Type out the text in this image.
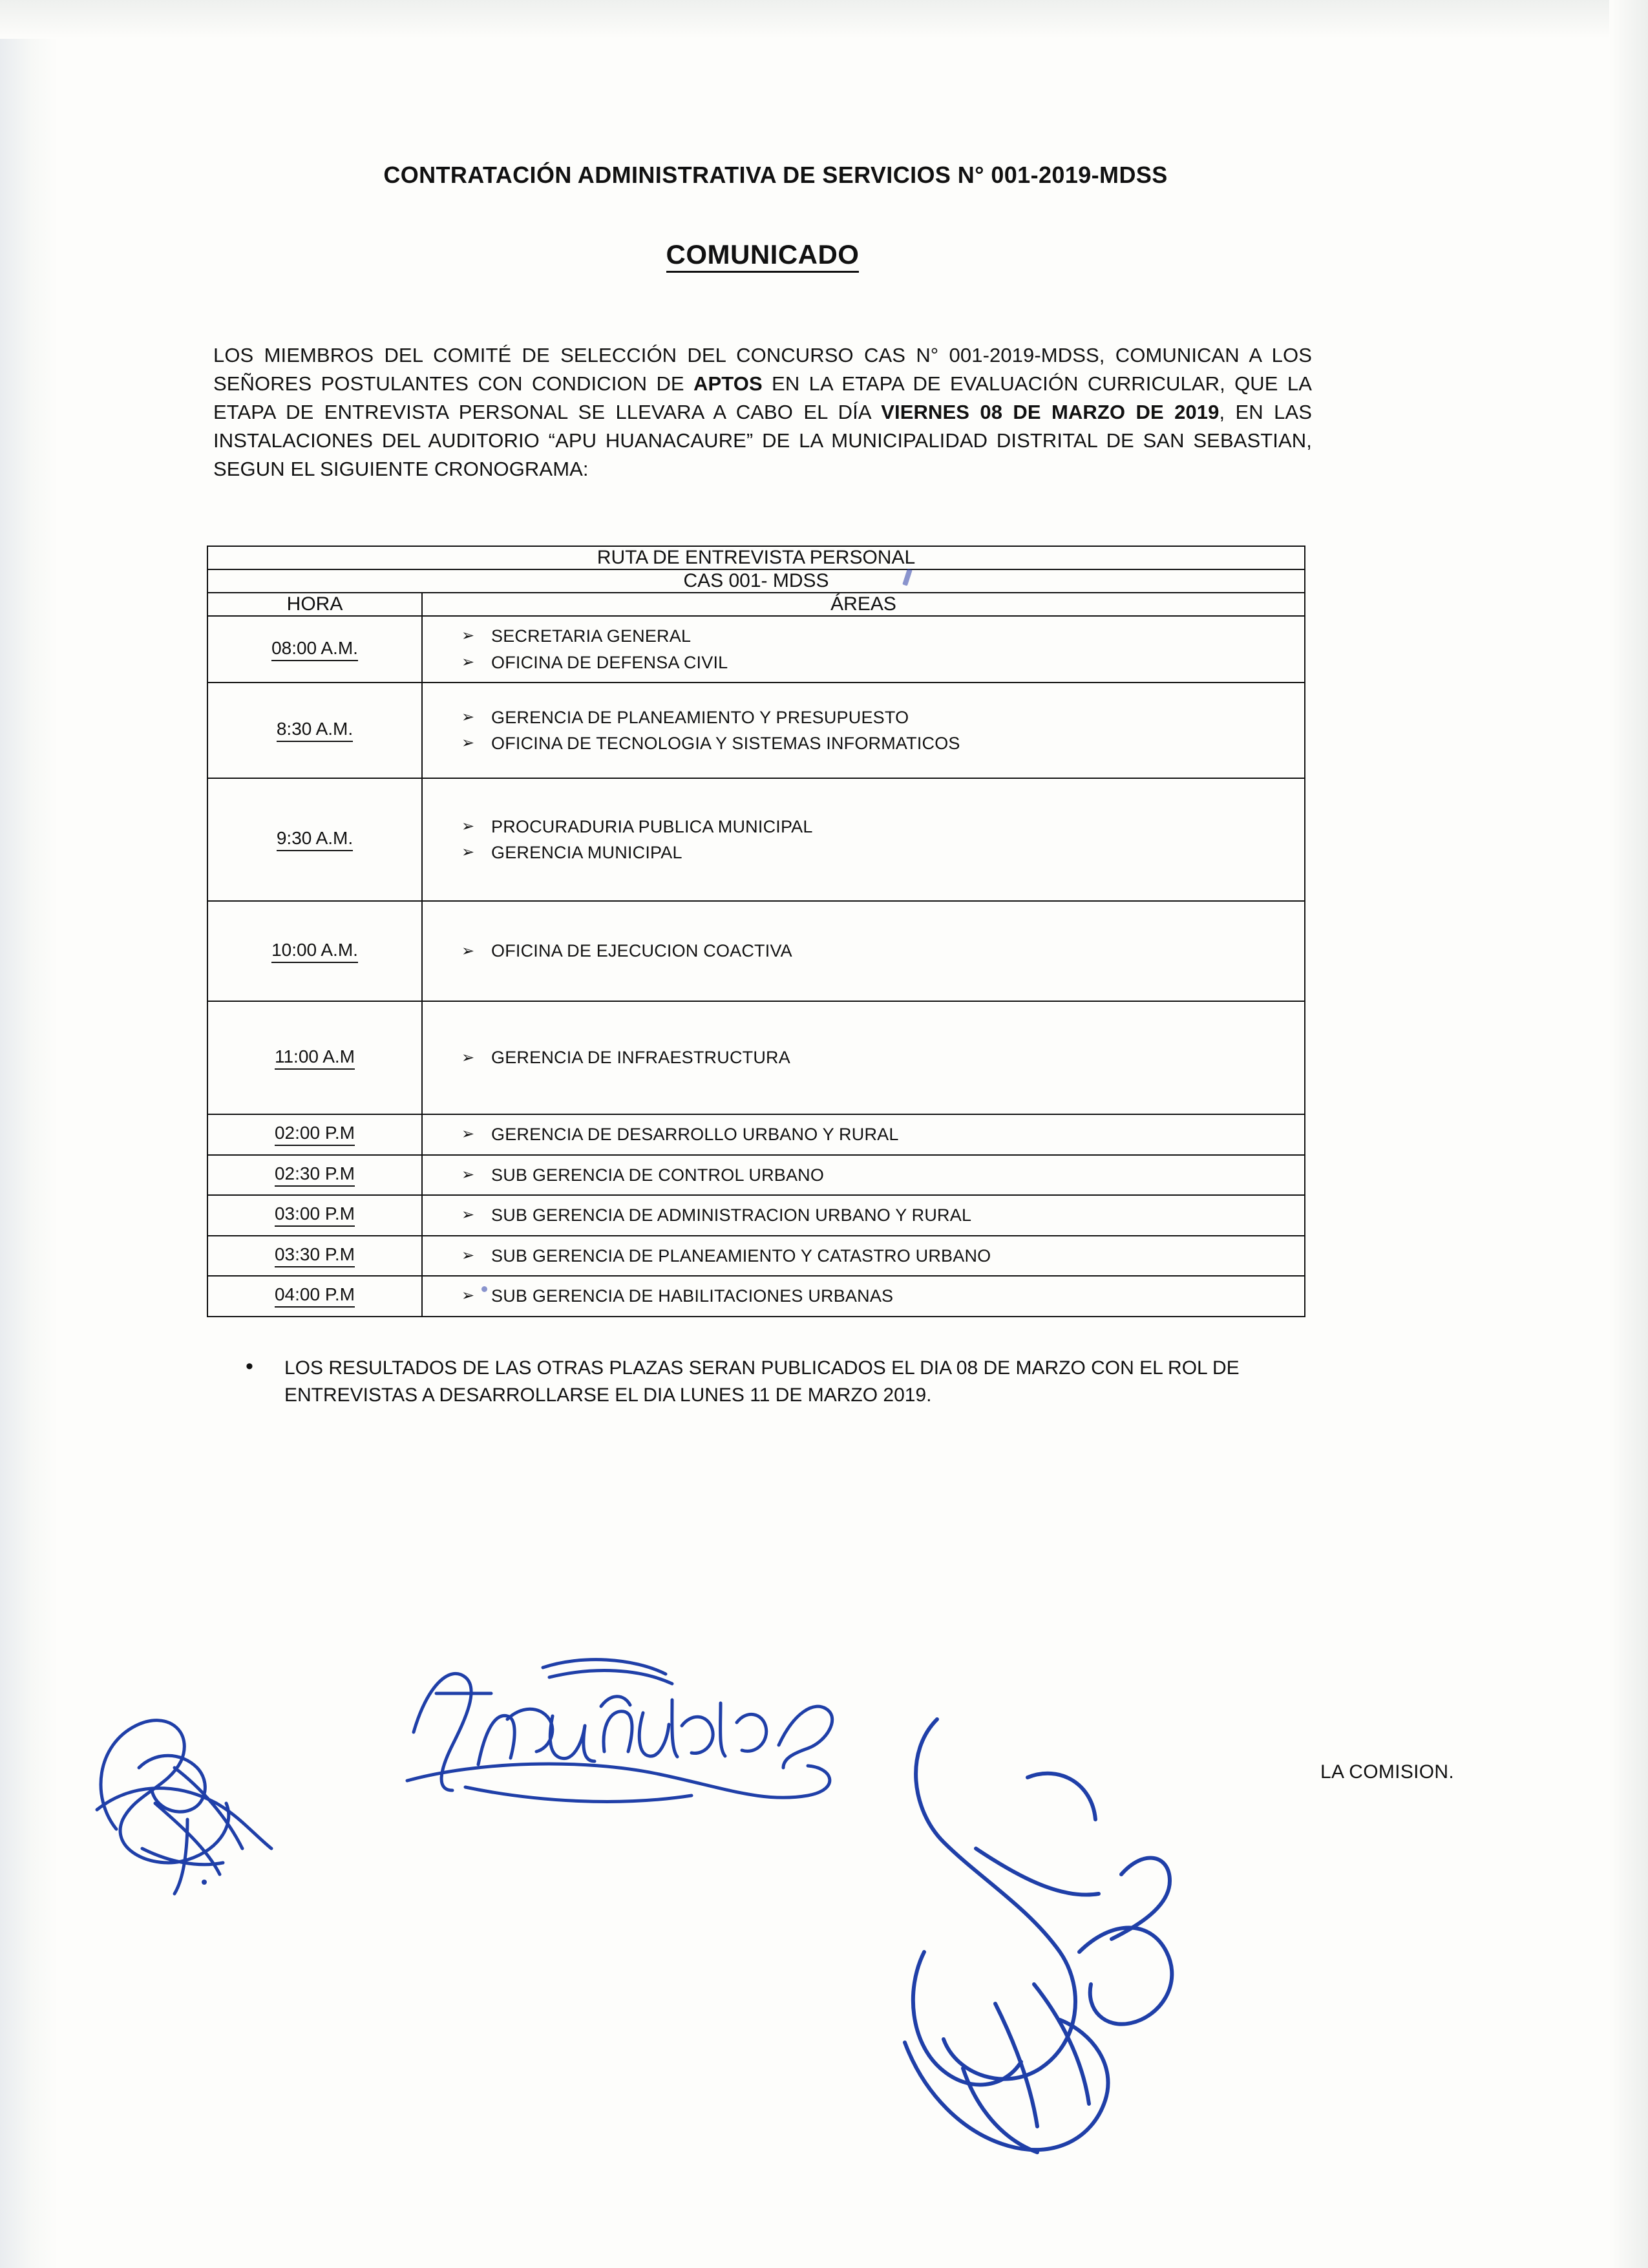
CONTRATACIÓN ADMINISTRATIVA DE SERVICIOS N° 001-2019-MDSS
COMUNICADO
LOS MIEMBROS DEL COMITÉ DE SELECCIÓN DEL CONCURSO CAS N° 001-2019-MDSS, COMUNICAN A LOS SEÑORES POSTULANTES CON CONDICION DE APTOS EN LA ETAPA DE EVALUACIÓN CURRICULAR, QUE LA ETAPA DE ENTREVISTA PERSONAL SE LLEVARA A CABO EL DÍA VIERNES 08 DE MARZO DE 2019, EN LAS INSTALACIONES DEL AUDITORIO “APU HUANACAURE” DE LA MUNICIPALIDAD DISTRITAL DE SAN SEBASTIAN, SEGUN EL SIGUIENTE CRONOGRAMA:
RUTA DE ENTREVISTA PERSONAL	
CAS 001- MDSS	
HORA	ÁREAS
08:00 A.M.	➢ SECRETARIA GENERAL
➢ OFICINA DE DEFENSA CIVIL

8:30 A.M.	➢ GERENCIA DE PLANEAMIENTO Y PRESUPUESTO
➢ OFICINA DE TECNOLOGIA Y SISTEMAS INFORMATICOS

9:30 A.M.	➢ PROCURADURIA PUBLICA MUNICIPAL
➢ GERENCIA MUNICIPAL

10:00 A.M.	➢ OFICINA DE EJECUCION COACTIVA

11:00 A.M	➢ GERENCIA DE INFRAESTRUCTURA

02:00 P.M	➢ GERENCIA DE DESARROLLO URBANO Y RURAL

02:30 P.M	➢ SUB GERENCIA DE CONTROL URBANO

03:00 P.M	➢ SUB GERENCIA DE ADMINISTRACION URBANO Y RURAL

03:30 P.M	➢ SUB GERENCIA DE PLANEAMIENTO Y CATASTRO URBANO

04:00 P.M	➢ SUB GERENCIA DE HABILITACIONES URBANAS
•	LOS RESULTADOS DE LAS OTRAS PLAZAS SERAN PUBLICADOS EL DIA 08 DE MARZO CON EL ROL DE ENTREVISTAS A DESARROLLARSE EL DIA LUNES 11 DE MARZO 2019.
LA COMISION.
